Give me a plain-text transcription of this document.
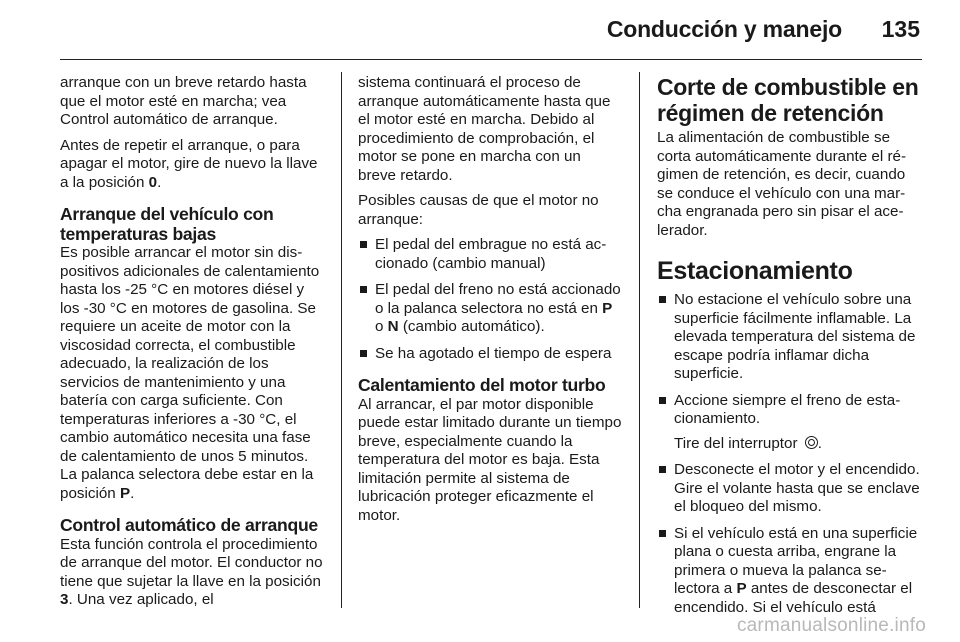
Conducción y manejo 135

arranque con un breve retardo hasta que el motor esté en marcha; vea Control automático de arranque.

Antes de repetir el arranque, o para apagar el motor, gire de nuevo la llave a la posición 0.

Arranque del vehículo con temperaturas bajas

Es posible arrancar el motor sin dispositivos adicionales de calentamiento hasta los -25 °C en motores diésel y los -30 °C en motores de gasolina. Se requiere un aceite de motor con la viscosidad correcta, el combustible adecuado, la realización de los servicios de mantenimiento y una batería con carga suficiente. Con temperaturas inferiores a -30 °C, el cambio automático necesita una fase de calentamiento de unos 5 minutos. La palanca selectora debe estar en la posición P.

Control automático de arranque

Esta función controla el procedimiento de arranque del motor. El conductor no tiene que sujetar la llave en la posición 3. Una vez aplicado, el

sistema continuará el proceso de arranque automáticamente hasta que el motor esté en marcha. Debido al procedimiento de comprobación, el motor se pone en marcha con un breve retardo.

Posibles causas de que el motor no arranque:

El pedal del embrague no está accionado (cambio manual)
El pedal del freno no está accionado o la palanca selectora no está en P o N (cambio automático).
Se ha agotado el tiempo de espera
Calentamiento del motor turbo

Al arrancar, el par motor disponible puede estar limitado durante un tiempo breve, especialmente cuando la temperatura del motor es baja. Esta limitación permite al sistema de lubricación proteger eficazmente el motor.

Corte de combustible en régimen de retención

La alimentación de combustible se corta automáticamente durante el régimen de retención, es decir, cuando se conduce el vehículo con una marcha engranada pero sin pisar el acelerador.

Estacionamiento
No estacione el vehículo sobre una superficie fácilmente inflamable. La elevada temperatura del sistema de escape podría inflamar dicha superficie.
Accione siempre el freno de estacionamiento.

Tire del interruptor .

Desconecte el motor y el encendido. Gire el volante hasta que se enclave el bloqueo del mismo.
Si el vehículo está en una superficie plana o cuesta arriba, engrane la primera o mueva la palanca selectora a P antes de desconectar el encendido. Si el vehículo está
carmanualsonline.info
